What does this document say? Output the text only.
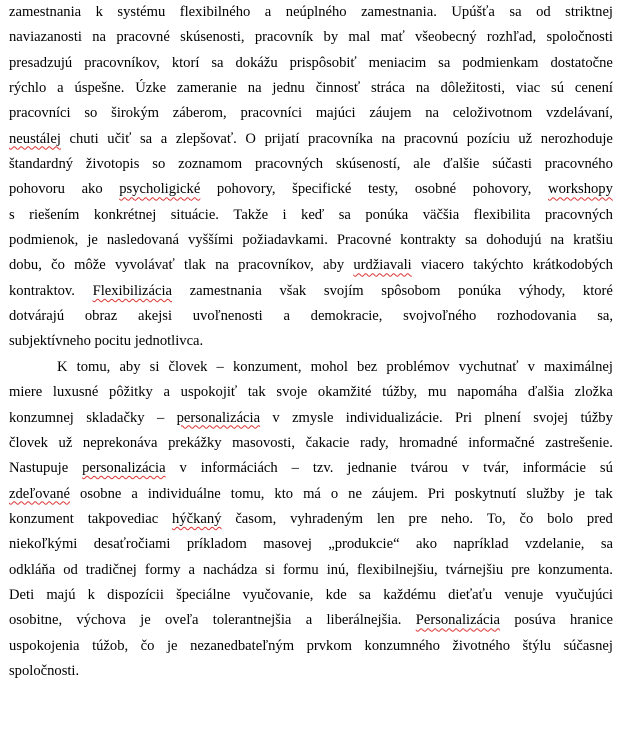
zamestnania k systému flexibilného a neúplného zamestnania. Upúšťa sa od striktnej
naviazanosti na pracovné skúsenosti, pracovník by mal mať všeobecný rozhľad, spoločnosti
presadzujú pracovníkov, ktorí sa dokážu prispôsobiť meniacim sa podmienkam dostatočne
rýchlo a úspešne. Úzke zameranie na jednu činnosť stráca na dôležitosti, viac sú cenení
pracovníci so širokým záberom, pracovníci majúci záujem na celoživotnom vzdelávaní,
neustálej chuti učiť sa a zlepšovať. O prijatí pracovníka na pracovnú pozíciu už nerozhoduje
štandardný životopis so zoznamom pracovných skúseností, ale ďalšie súčasti pracovného
pohovoru ako psycholigické pohovory, špecifické testy, osobné pohovory, workshopy
s riešením konkrétnej situácie. Takže i keď sa ponúka väčšia flexibilita pracovných
podmienok, je nasledovaná vyššími požiadavkami. Pracovné kontrakty sa dohodujú na kratšiu
dobu, čo môže vyvolávať tlak na pracovníkov, aby urdžiavali viacero takýchto krátkodobých
kontraktov. Flexibilizácia zamestnania však svojím spôsobom ponúka výhody, ktoré
dotvárajú obraz akejsi uvoľnenosti a demokracie, svojvoľného rozhodovania sa,
subjektívneho pocitu jednotlivca.
K tomu, aby si človek – konzument, mohol bez problémov vychutnať v maximálnej
miere luxusné pôžitky a uspokojiť tak svoje okamžité túžby, mu napomáha ďalšia zložka
konzumnej skladačky – personalizácia v zmysle individualizácie. Pri plnení svojej túžby
človek už neprekonáva prekážky masovosti, čakacie rady, hromadné informačné zastrešenie.
Nastupuje personalizácia v informáciách – tzv. jednanie tvárou v tvár, informácie sú
zdeľované osobne a individuálne tomu, kto má o ne záujem. Pri poskytnutí služby je tak
konzument takpovediac hýčkaný časom, vyhradeným len pre neho. To, čo bolo pred
niekoľkými desaťročiami príkladom masovej „produkcie“ ako napríklad vzdelanie, sa
odkláňa od tradičnej formy a nachádza si formu inú, flexibilnejšiu, tvárnejšiu pre konzumenta.
Deti majú k dispozícii špeciálne vyučovanie, kde sa každému dieťaťu venuje vyučujúci
osobitne, výchova je oveľa tolerantnejšia a liberálnejšia. Personalizácia posúva hranice
uspokojenia túžob, čo je nezanedbateľným prvkom konzumného životného štýlu súčasnej
spoločnosti.
